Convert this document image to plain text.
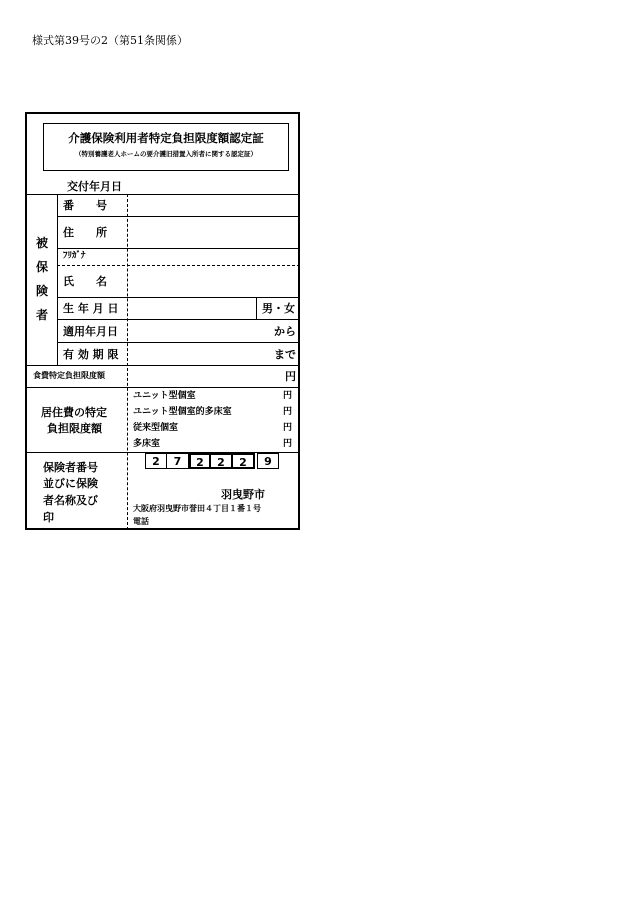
様式第39号の2（第51条関係）
介護保険利用者特定負担限度額認定証
（特別養護老人ホームの要介護旧措置入所者に関する認定証）
交付年月日
被
保
険
者
番　　号
住　　所
ﾌﾘｶﾞﾅ
氏　　名
生 年 月 日	男・女
適用年月日	から
有 効 期 限	まで
食費特定負担限度額	円
居住費の特定
負担限度額
ユニット型個室	円
ユニット型個室的多床室	円
従来型個室	円
多床室	円
保険者番号
並びに保険
者名称及び
印
2	7	2	2	2	9
羽曳野市
大阪府羽曳野市誉田４丁目１番１号
電話
